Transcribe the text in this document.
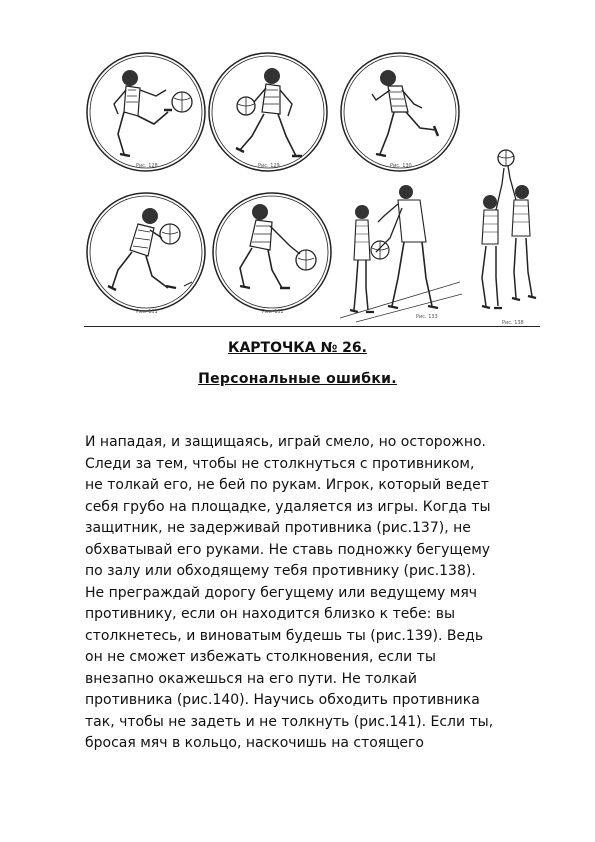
Рис. 128	Рис. 129	Рис. 130
Рис. 131	Рис. 132
Рис. 133
Рис. 138
КАРТОЧКА № 26.
Персональные ошибки.
И нападая, и защищаясь, играй смело, но осторожно.
Следи за тем, чтобы не столкнуться с противником,
не толкай его, не бей по рукам. Игрок, который ведет
себя грубо на площадке, удаляется из игры. Когда ты
защитник, не задерживай противника (рис.137), не
обхватывай его руками. Не ставь подножку бегущему
по залу или обходящему тебя противнику (рис.138).
Не преграждай дорогу бегущему или ведущему мяч
противнику, если он находится близко к тебе: вы
столкнетесь, и виноватым будешь ты (рис.139). Ведь
он не сможет избежать столкновения, если ты
внезапно окажешься на его пути. Не толкай
противника (рис.140). Научись обходить противника
так, чтобы не задеть и не толкнуть (рис.141). Если ты,
бросая мяч в кольцо, наскочишь на стоящего
